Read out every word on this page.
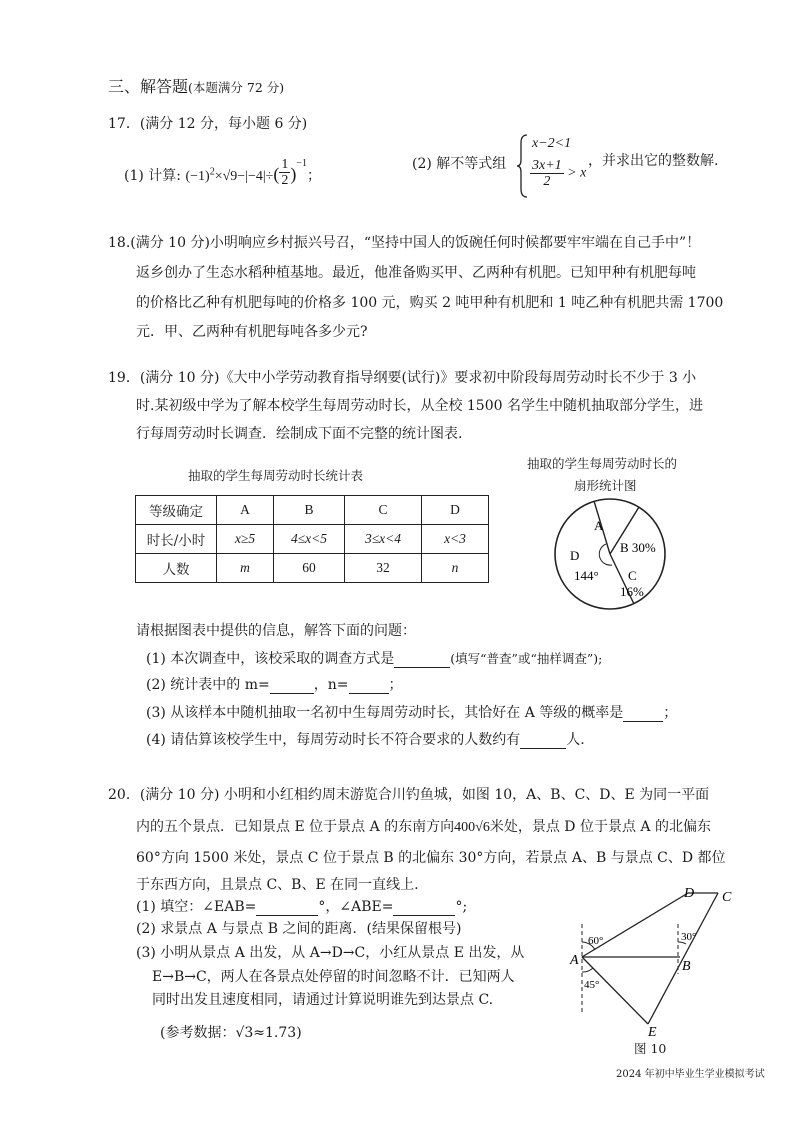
三、解答题(本题满分 72 分)
17．(满分 12 分，每小题 6 分)
(1) 计算: $(-1)^2\times√9-|-4|\div( \frac{1}{2} )^{-1}$；
(2) 解不等式组
x−2<1
$\frac{3x+1}{2} > x$
，并求出它的整数解.
18.(满分 10 分)小明响应乡村振兴号召，“坚持中国人的饭碗任何时候都要牢牢端在自己手中”！
返乡创办了生态水稻种植基地。最近，他准备购买甲、乙两种有机肥。已知甲种有机肥每吨
的价格比乙种有机肥每吨的价格多 100 元，购买 2 吨甲种有机肥和 1 吨乙种有机肥共需 1700
元．甲、乙两种有机肥每吨各多少元?
19．(满分 10 分)《大中小学劳动教育指导纲要(试行)》要求初中阶段每周劳动时长不少于 3 小
时.某初级中学为了解本校学生每周劳动时长，从全校 1500 名学生中随机抽取部分学生，进
行每周劳动时长调查．绘制成下面不完整的统计图表.
抽取的学生每周劳动时长统计表
等级确定	A	B	C	D
时长/小时	x≥5	4≤x<5	3≤x<4	x<3
人数	m	60	32	n
抽取的学生每周劳动时长的
扇形统计图
A
B 30%
C
16%
D
144°
请根据图表中提供的信息，解答下面的问题：
(1) 本次调查中，该校采取的调查方式是	(填写“普查”或“抽样调查”);
(2) 统计表中的 m=	，n=	；
(3) 从该样本中随机抽取一名初中生每周劳动时长，其恰好在 A 等级的概率是	；
(4) 请估算该校学生中，每周劳动时长不符合要求的人数约有	人.
20．(满分 10 分) 小明和小红相约周末游览合川钓鱼城，如图 10，A、B、C、D、E 为同一平面
内的五个景点．已知景点 E 位于景点 A 的东南方向400√6米处，景点 D 位于景点 A 的北偏东
60°方向 1500 米处，景点 C 位于景点 B 的北偏东 30°方向，若景点 A、B 与景点 C、D 都位
于东西方向，且景点 C、B、E 在同一直线上.
(1) 填空：∠EAB=	°，∠ABE=	°;
(2) 求景点 A 与景点 B 之间的距离．(结果保留根号)
(3) 小明从景点 A 出发，从 A→D→C，小红从景点 E 出发，从
E→B→C，两人在各景点处停留的时间忽略不计．已知两人
同时出发且速度相同，请通过计算说明谁先到达景点 C.
(参考数据：√3≈1.73)
D C
A	B
E
60°	30°
45°
图 10
2024 年初中毕业生学业模拟考试
